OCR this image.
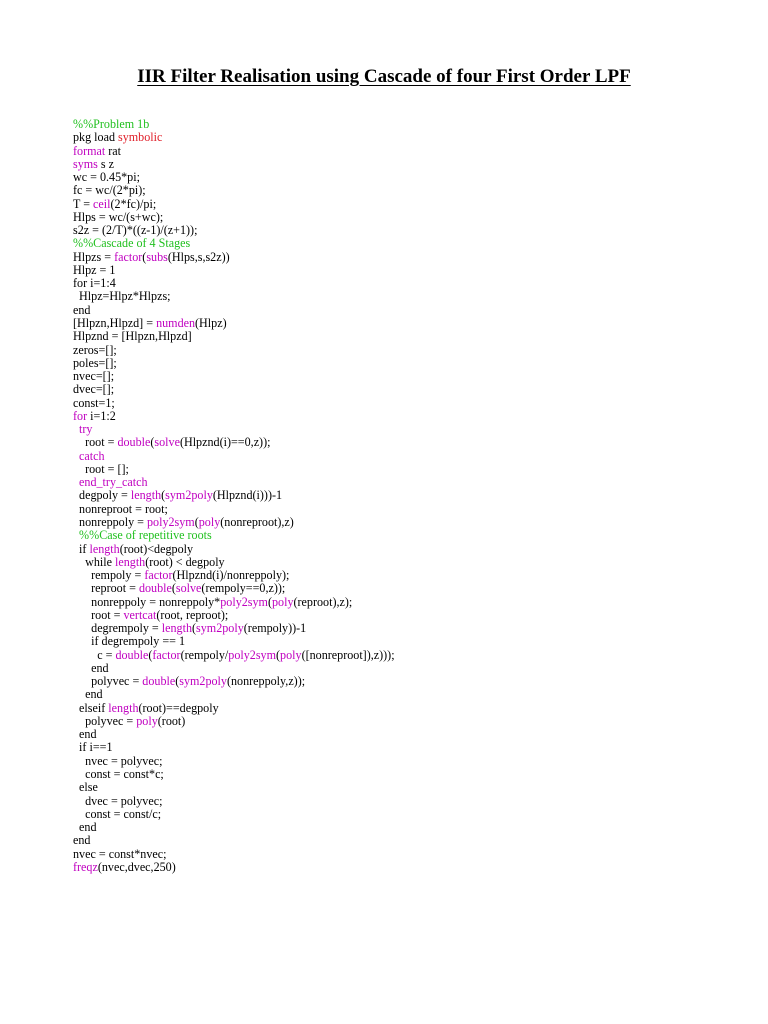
IIR Filter Realisation using Cascade of four First Order LPF
%%Problem 1b
pkg load symbolic
format rat
syms s z
wc = 0.45*pi;
fc = wc/(2*pi);
T = ceil(2*fc)/pi;
Hlps = wc/(s+wc);
s2z = (2/T)*((z-1)/(z+1));
%%Cascade of 4 Stages
Hlpzs = factor(subs(Hlps,s,s2z))
Hlpz = 1
for i=1:4
Hlpz=Hlpz*Hlpzs;
end
[Hlpzn,Hlpzd] = numden(Hlpz)
Hlpznd = [Hlpzn,Hlpzd]
zeros=[];
poles=[];
nvec=[];
dvec=[];
const=1;
for i=1:2
try
root = double(solve(Hlpznd(i)==0,z));
catch
root = [];
end_try_catch
degpoly = length(sym2poly(Hlpznd(i)))-1
nonreproot = root;
nonreppoly = poly2sym(poly(nonreproot),z)
%%Case of repetitive roots
if length(root)<degpoly
while length(root) < degpoly
rempoly = factor(Hlpznd(i)/nonreppoly);
reproot = double(solve(rempoly==0,z));
nonreppoly = nonreppoly*poly2sym(poly(reproot),z);
root = vertcat(root, reproot);
degrempoly = length(sym2poly(rempoly))-1
if degrempoly == 1
c = double(factor(rempoly/poly2sym(poly([nonreproot]),z)));
end
polyvec = double(sym2poly(nonreppoly,z));
end
elseif length(root)==degpoly
polyvec = poly(root)
end
if i==1
nvec = polyvec;
const = const*c;
else
dvec = polyvec;
const = const/c;
end
end
nvec = const*nvec;
freqz(nvec,dvec,250)
